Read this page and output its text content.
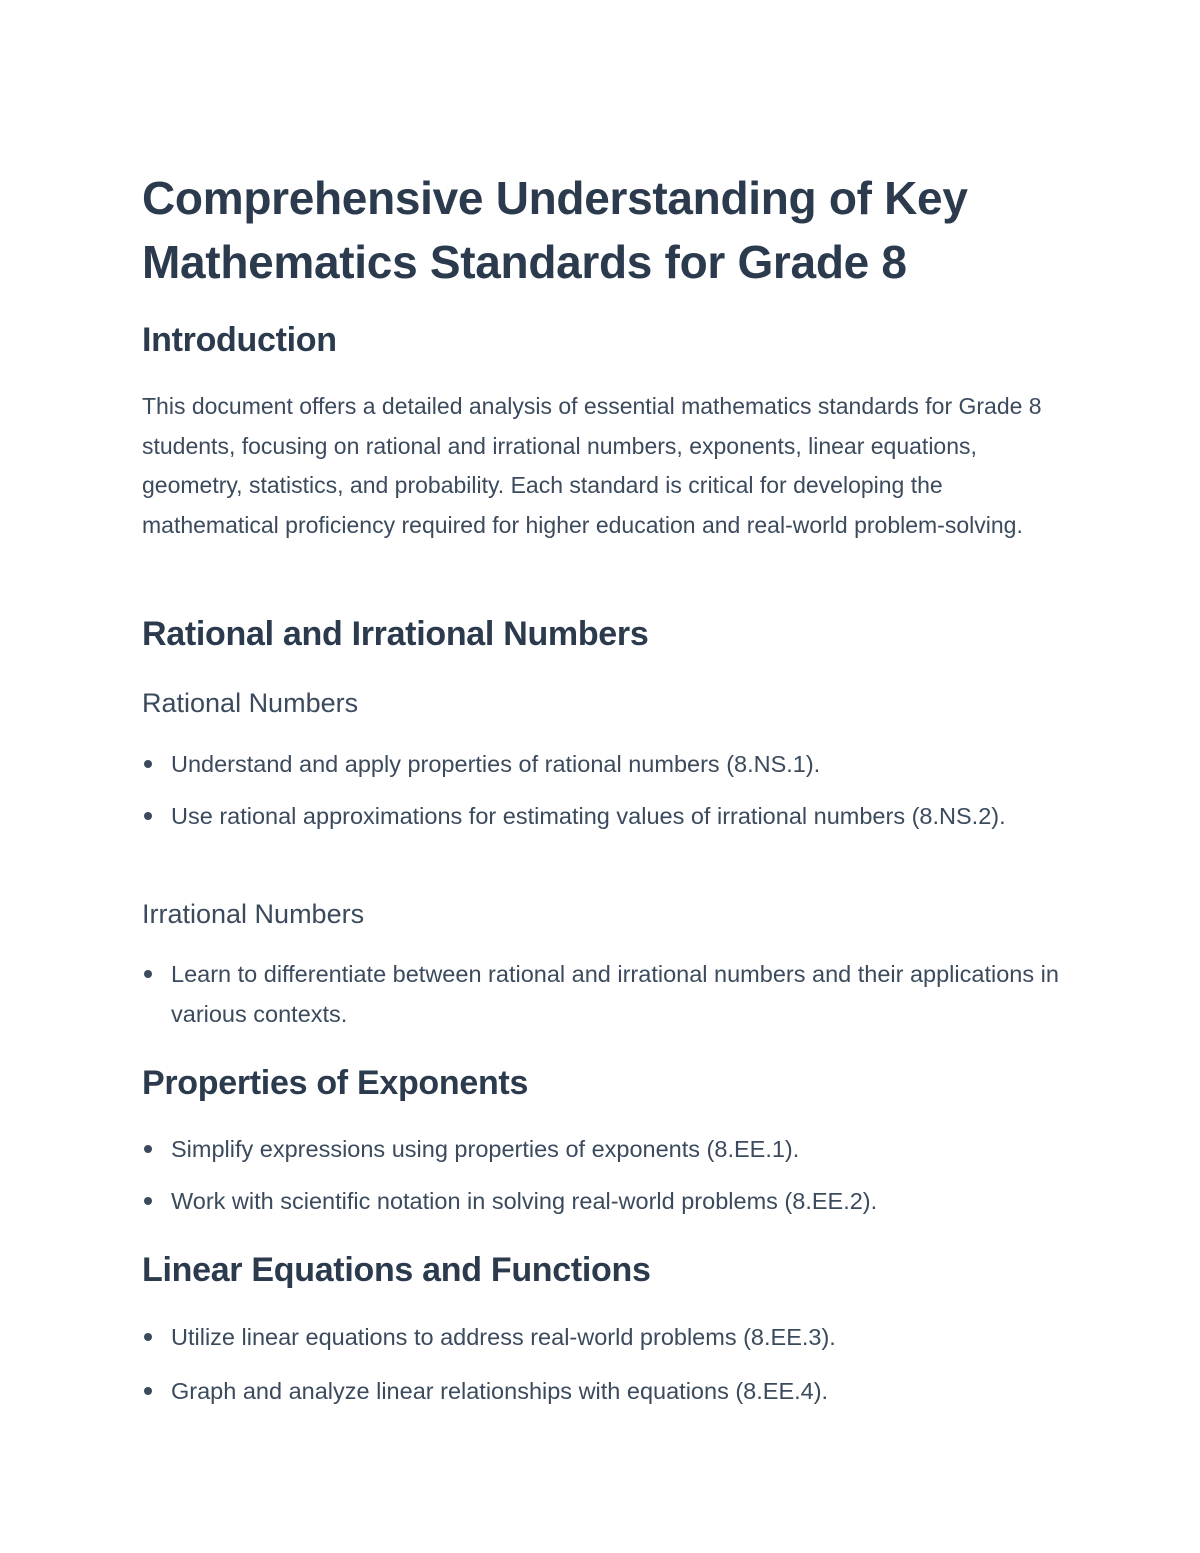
Comprehensive Understanding of Key Mathematics Standards for Grade 8
Introduction

This document offers a detailed analysis of essential mathematics standards for Grade 8 students, focusing on rational and irrational numbers, exponents, linear equations, geometry, statistics, and probability. Each standard is critical for developing the mathematical proficiency required for higher education and real-world problem-solving.

Rational and Irrational Numbers
Rational Numbers
Understand and apply properties of rational numbers (8.NS.1).
Use rational approximations for estimating values of irrational numbers (8.NS.2).
Irrational Numbers
Learn to differentiate between rational and irrational numbers and their applications in various contexts.
Properties of Exponents
Simplify expressions using properties of exponents (8.EE.1).
Work with scientific notation in solving real-world problems (8.EE.2).
Linear Equations and Functions
Utilize linear equations to address real-world problems (8.EE.3).
Graph and analyze linear relationships with equations (8.EE.4).
